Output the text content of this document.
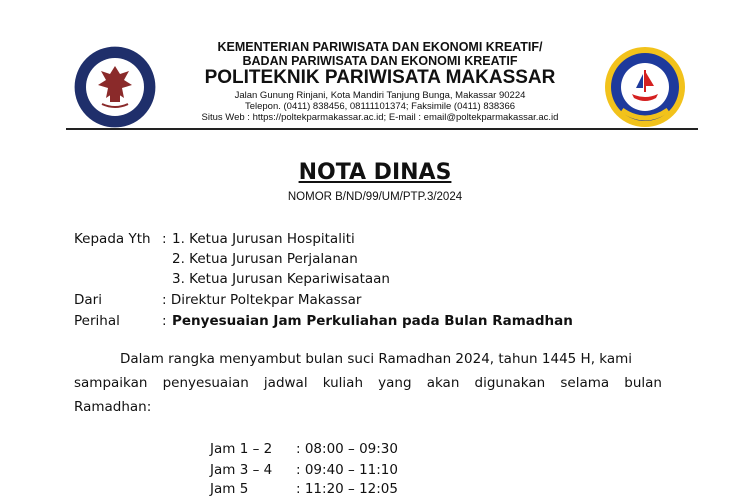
KEMENTERIAN PARIWISATA DAN EKONOMI KREATIF/
BADAN PARIWISATA DAN EKONOMI KREATIF
POLITEKNIK PARIWISATA MAKASSAR
Jalan Gunung Rinjani, Kota Mandiri Tanjung Bunga, Makassar 90224
Telepon. (0411) 838456, 08111101374; Faksimile (0411) 838366
Situs Web : https://poltekparmakassar.ac.id; E-mail : email@poltekparmakassar.ac.id
NOTA DINAS
NOMOR B/ND/99/UM/PTP.3/2024
Kepada Yth : 1. Ketua Jurusan Hospitaliti
2. Ketua Jurusan Perjalanan
3. Ketua Jurusan Kepariwisataan
Dari	: Direktur Poltekpar Makassar
Perihal	: Penyesuaian Jam Perkuliahan pada Bulan Ramadhan
Dalam rangka menyambut bulan suci Ramadhan 2024, tahun 1445 H, kami
sampaikan penyesuaian jadwal kuliah yang akan digunakan selama bulan
Ramadhan:
Jam 1 – 2 : 08:00 – 09:30
Jam 3 – 4 : 09:40 – 11:10
Jam 5	: 11:20 – 12:05
